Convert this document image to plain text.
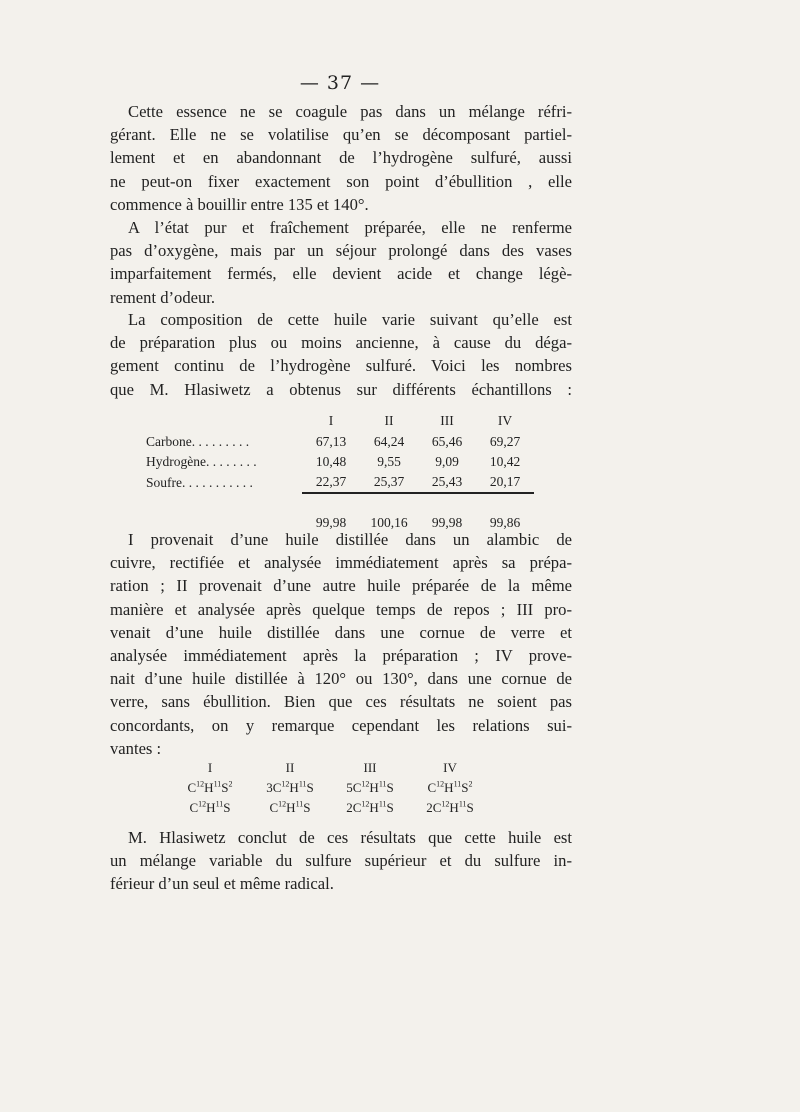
— 37 —
Cette essence ne se coagule pas dans un mélange réfri-
gérant. Elle ne se volatilise qu’en se décomposant partiel-
lement et en abandonnant de l’hydrogène sulfuré, aussi
ne peut-on fixer exactement son point d’ébullition , elle
commence à bouillir entre 135 et 140°.
A l’état pur et fraîchement préparée, elle ne renferme
pas d’oxygène, mais par un séjour prolongé dans des vases
imparfaitement fermés, elle devient acide et change légè-
rement d’odeur.
La composition de cette huile varie suivant qu’elle est
de préparation plus ou moins ancienne, à cause du déga-
gement continu de l’hydrogène sulfuré. Voici les nombres
que M. Hlasiwetz a obtenus sur différents échantillons :
	I	II	III	IV
Carbone. . . . . . . . .	67,13	64,24	65,46	69,27
Hydrogène. . . . . . . .	10,48	9,55	9,09	10,42
Soufre. . . . . . . . . . .	22,37	25,37	25,43	20,17

	99,98	100,16	99,98	99,86
I provenait d’une huile distillée dans un alambic de
cuivre, rectifiée et analysée immédiatement après sa prépa-
ration ; II provenait d’une autre huile préparée de la même
manière et analysée après quelque temps de repos ; III pro-
venait d’une huile distillée dans une cornue de verre et
analysée immédiatement après la préparation ; IV prove-
nait d’une huile distillée à 120° ou 130°, dans une cornue de
verre, sans ébullition. Bien que ces résultats ne soient pas
concordants, on y remarque cependant les relations sui-
vantes :
I	II	III	IV
$C^{12}H^{11}S^2$	$3C^{12}H^{11}S$	$5C^{12}H^{11}S$	$C^{12}H^{11}S^2$
$C^{12}H^{11}S$	$C^{12}H^{11}S$	$2C^{12}H^{11}S$	$2C^{12}H^{11}S$
M. Hlasiwetz conclut de ces résultats que cette huile est
un mélange variable du sulfure supérieur et du sulfure in-
férieur d’un seul et même radical.
